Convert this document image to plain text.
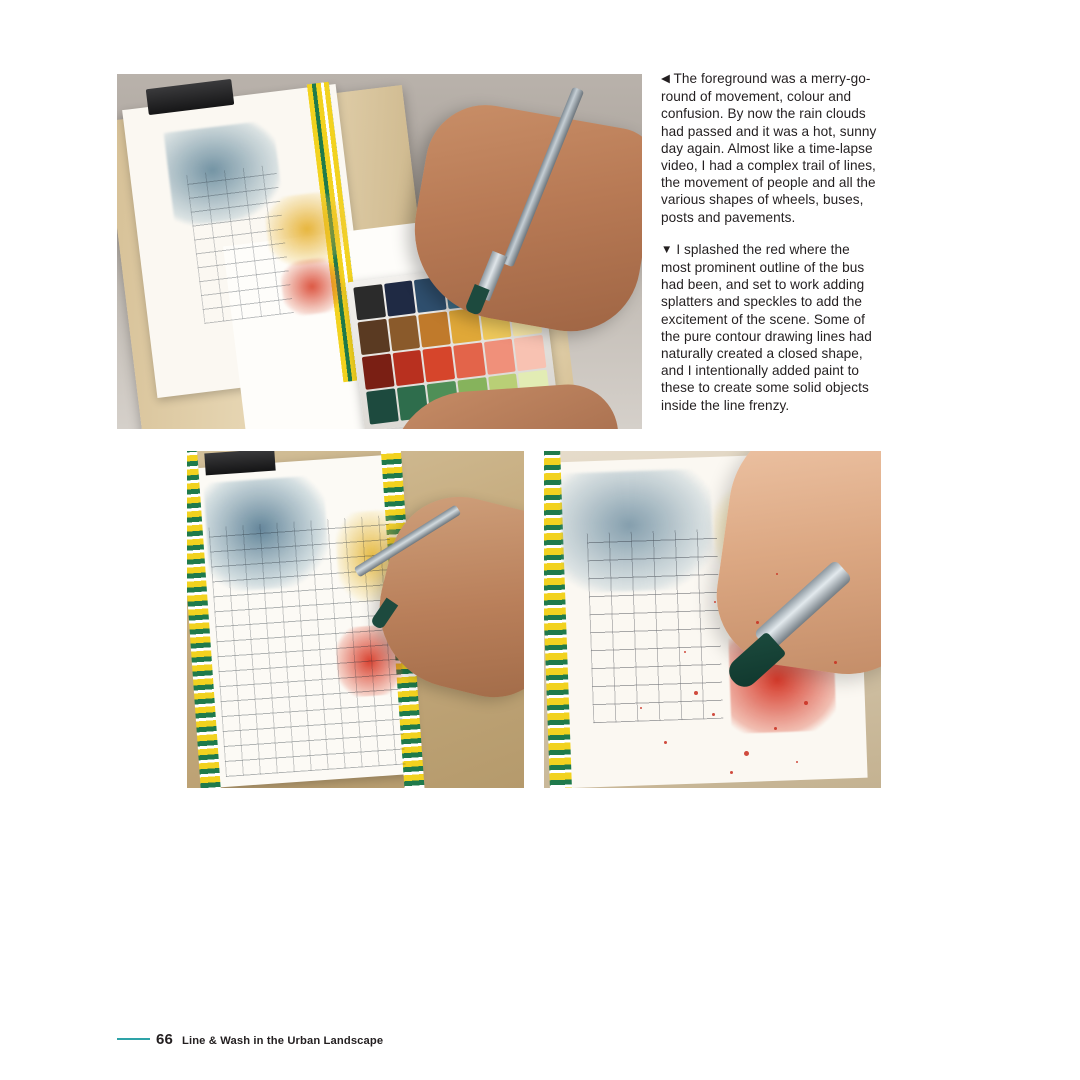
◀ The foreground was a merry-go-round of movement, colour and confusion. By now the rain clouds had passed and it was a hot, sunny day again. Almost like a time-lapse video, I had a complex trail of lines, the movement of people and all the various shapes of wheels, buses, posts and pavements.

▼ I splashed the red where the most prominent outline of the bus had been, and set to work adding splatters and speckles to add the excitement of the scene. Some of the pure contour drawing lines had naturally created a closed shape, and I intentionally added paint to these to create some solid objects inside the line frenzy.

66 Line & Wash in the Urban Landscape
